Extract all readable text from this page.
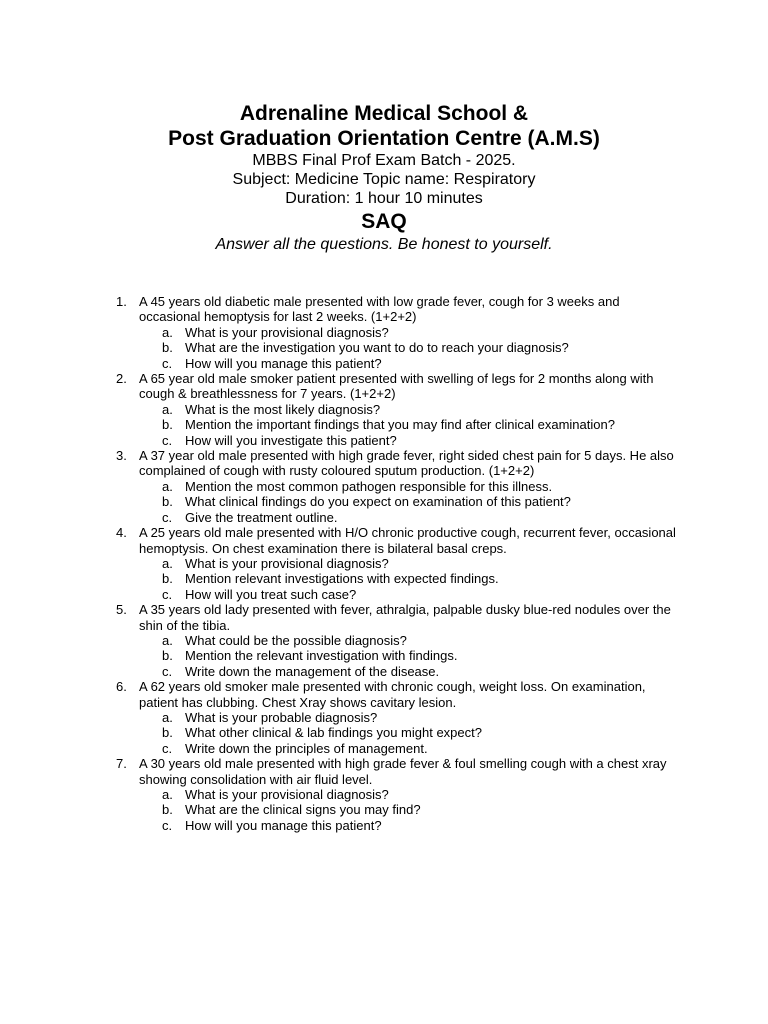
Adrenaline Medical School &
Post Graduation Orientation Centre (A.M.S)
MBBS Final Prof Exam Batch - 2025.
Subject: Medicine Topic name: Respiratory
Duration: 1 hour 10 minutes
SAQ
Answer all the questions. Be honest to yourself.
1. A 45 years old diabetic male presented with low grade fever, cough for 3 weeks and occasional hemoptysis for last 2 weeks. (1+2+2)
a. What is your provisional diagnosis?
b. What are the investigation you want to do to reach your diagnosis?
c. How will you manage this patient?
2. A 65 year old male smoker patient presented with swelling of legs for 2 months along with cough & breathlessness for 7 years. (1+2+2)
a. What is the most likely diagnosis?
b. Mention the important findings that you may find after clinical examination?
c. How will you investigate this patient?
3. A 37 year old male presented with high grade fever, right sided chest pain for 5 days. He also complained of cough with rusty coloured sputum production. (1+2+2)
a. Mention the most common pathogen responsible for this illness.
b. What clinical findings do you expect on examination of this patient?
c. Give the treatment outline.
4. A 25 years old male presented with H/O chronic productive cough, recurrent fever, occasional hemoptysis. On chest examination there is bilateral basal creps.
a. What is your provisional diagnosis?
b. Mention relevant investigations with expected findings.
c. How will you treat such case?
5. A 35 years old lady presented with fever, athralgia, palpable dusky blue-red nodules over the shin of the tibia.
a. What could be the possible diagnosis?
b. Mention the relevant investigation with findings.
c. Write down the management of the disease.
6. A 62 years old smoker male presented with chronic cough, weight loss. On examination, patient has clubbing. Chest Xray shows cavitary lesion.
a. What is your probable diagnosis?
b. What other clinical & lab findings you might expect?
c. Write down the principles of management.
7. A 30 years old male presented with high grade fever & foul smelling cough with a chest xray showing consolidation with air fluid level.
a. What is your provisional diagnosis?
b. What are the clinical signs you may find?
c. How will you manage this patient?
